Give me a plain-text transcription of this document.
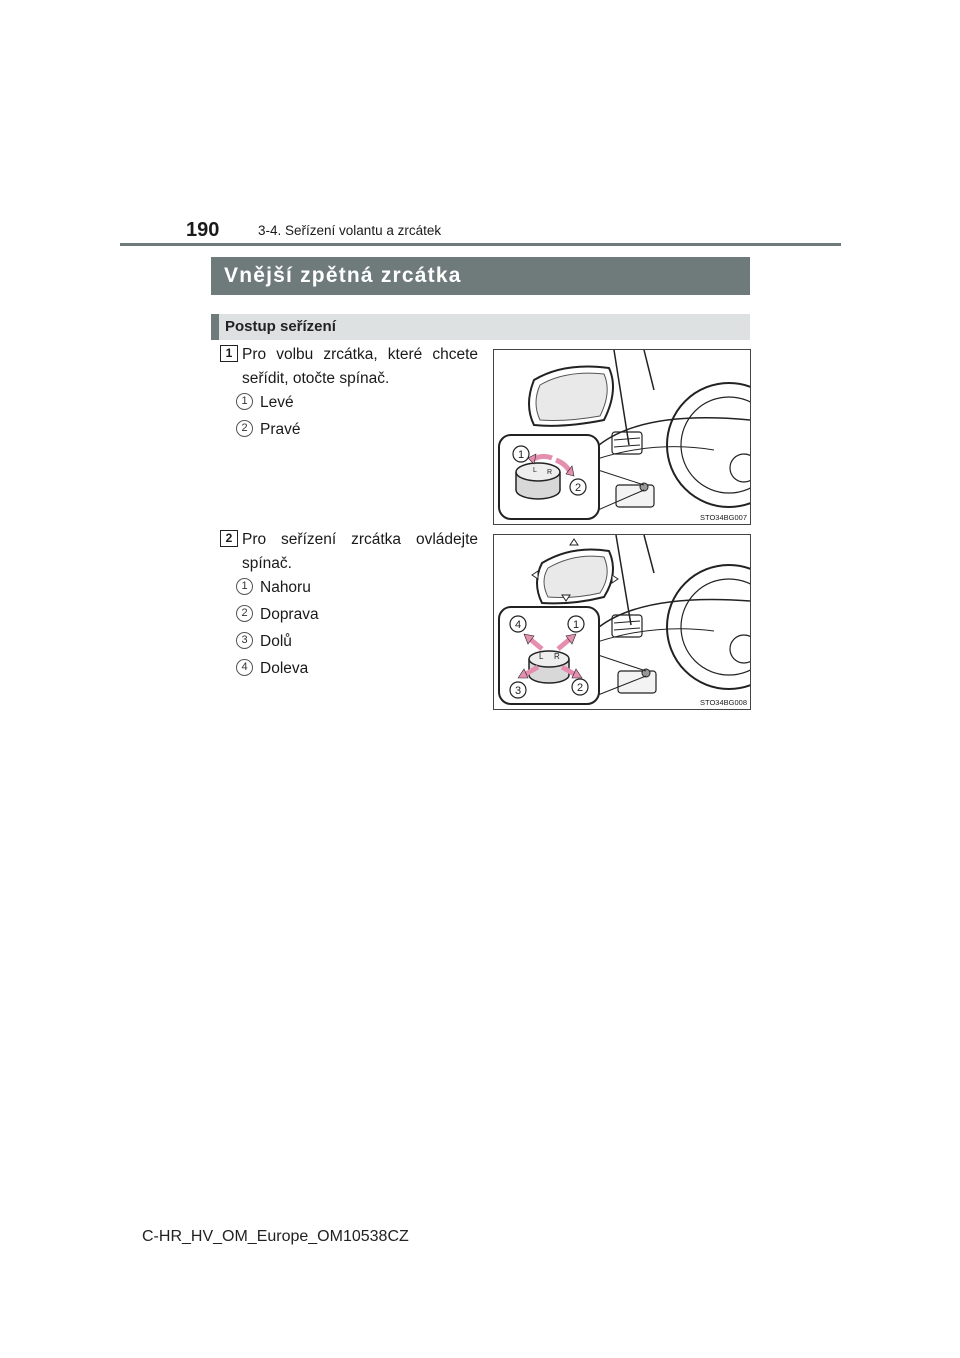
190	3-4. Seřízení volantu a zrcátek
Vnější zpětná zrcátka
Postup seřízení
1 Pro volbu zrcátka, které chcete seřídit, otočte spínač.
1 Levé
2 Pravé
L R
1
2
STO34BG007
2 Pro seřízení zrcátka ovládejte spínač.
1 Nahoru
2 Doprava
3 Dolů
4 Doleva
L R
4	1
3	2
STO34BG008
C-HR_HV_OM_Europe_OM10538CZ
